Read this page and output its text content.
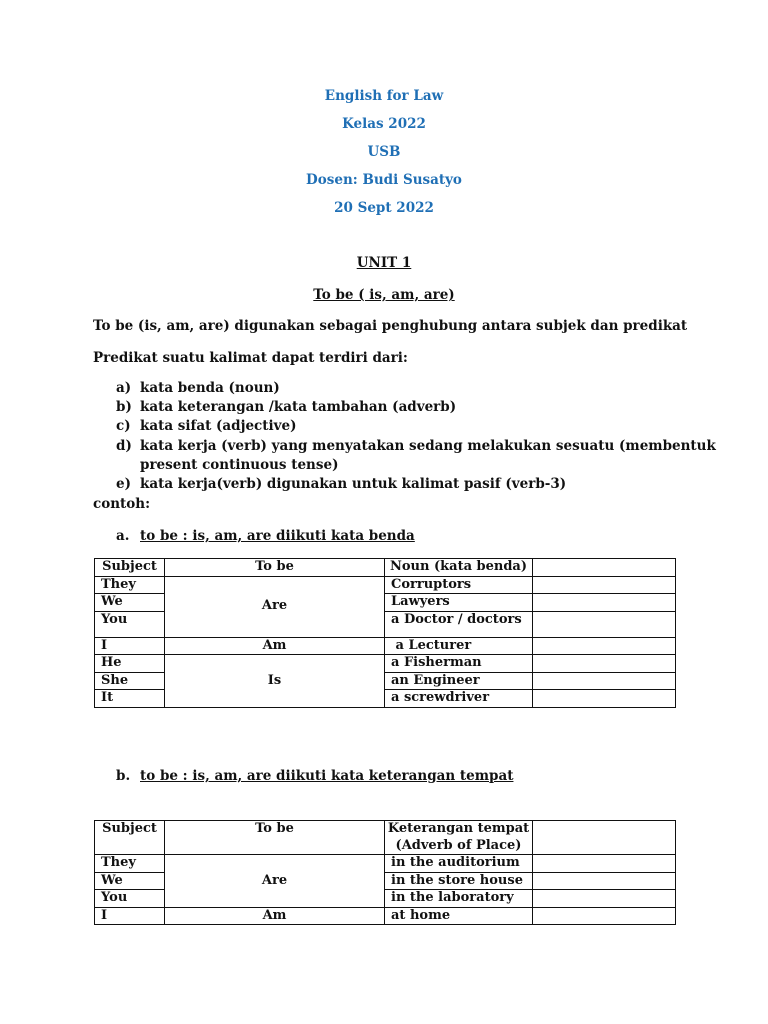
English for Law
Kelas 2022
USB
Dosen: Budi Susatyo
20 Sept 2022
UNIT 1
To be ( is, am, are)
To be (is, am, are) digunakan sebagai penghubung antara subjek dan predikat
Predikat suatu kalimat dapat terdiri dari:
a) kata benda (noun)
b) kata keterangan /kata tambahan (adverb)
c) kata sifat (adjective)
d) kata kerja (verb) yang menyatakan sedang melakukan sesuatu (membentuk
present continuous tense)
e) kata kerja(verb) digunakan untuk kalimat pasif (verb-3)
contoh:
a. to be : is, am, are diikuti kata benda
Subject	To be	Noun (kata benda)	
They	Are	Corruptors	
We		Lawyers	
You		a Doctor / doctors	
I	Am	a Lecturer	
He	Is	a Fisherman	
She		an Engineer	
It		a screwdriver	
b. to be : is, am, are diikuti kata keterangan tempat
Subject	To be	Keterangan tempat (Adverb of Place)	
They	Are	in the auditorium	
We		in the store house	
You		in the laboratory	
I	Am	at home	
